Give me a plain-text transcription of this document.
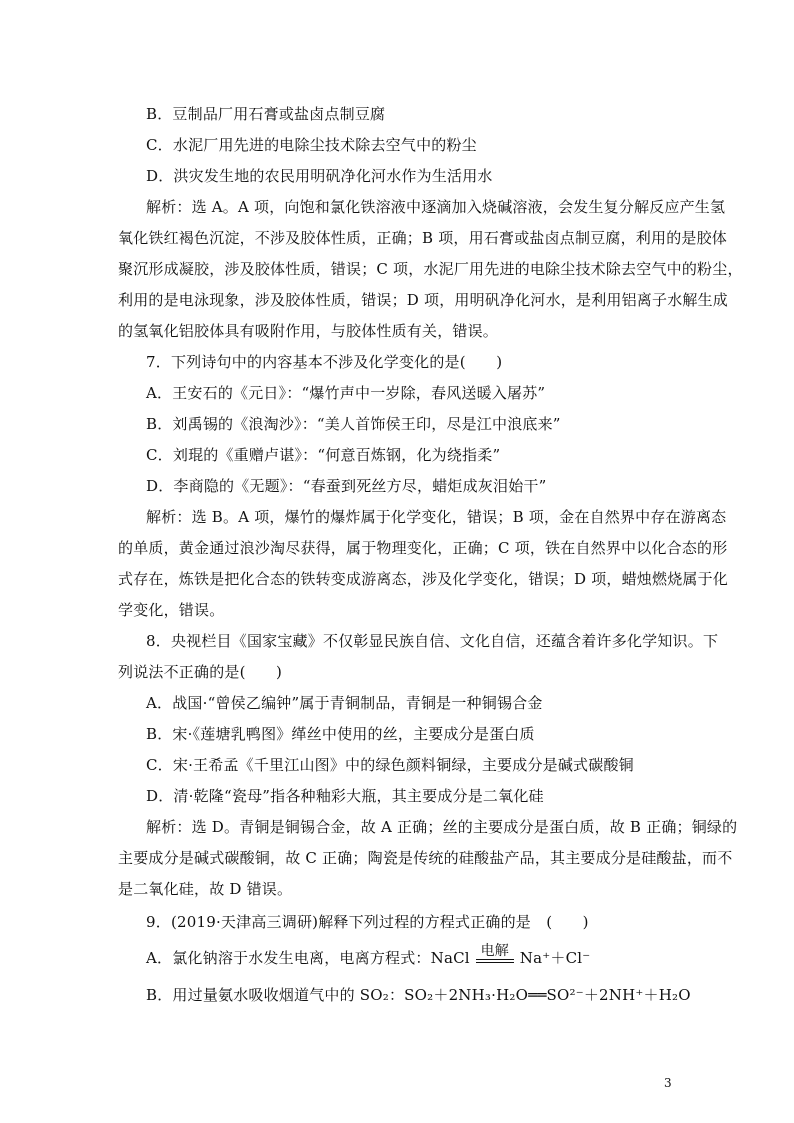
B．豆制品厂用石膏或盐卤点制豆腐
C．水泥厂用先进的电除尘技术除去空气中的粉尘
D．洪灾发生地的农民用明矾净化河水作为生活用水
解析：选 A。A 项，向饱和氯化铁溶液中逐滴加入烧碱溶液，会发生复分解反应产生氢
氧化铁红褐色沉淀，不涉及胶体性质，正确；B 项，用石膏或盐卤点制豆腐，利用的是胶体
聚沉形成凝胶，涉及胶体性质，错误；C 项，水泥厂用先进的电除尘技术除去空气中的粉尘，
利用的是电泳现象，涉及胶体性质，错误；D 项，用明矾净化河水，是利用铝离子水解生成
的氢氧化铝胶体具有吸附作用，与胶体性质有关，错误。
7．下列诗句中的内容基本不涉及化学变化的是(　　)
A．王安石的《元日》：“爆竹声中一岁除，春风送暖入屠苏”
B．刘禹锡的《浪淘沙》：“美人首饰侯王印，尽是江中浪底来”
C．刘琨的《重赠卢谌》：“何意百炼钢，化为绕指柔”
D．李商隐的《无题》：“春蚕到死丝方尽，蜡炬成灰泪始干”
解析：选 B。A 项，爆竹的爆炸属于化学变化，错误；B 项，金在自然界中存在游离态
的单质，黄金通过浪沙淘尽获得，属于物理变化，正确；C 项，铁在自然界中以化合态的形
式存在，炼铁是把化合态的铁转变成游离态，涉及化学变化，错误；D 项，蜡烛燃烧属于化
学变化，错误。
8．央视栏目《国家宝藏》不仅彰显民族自信、文化自信，还蕴含着许多化学知识。下
列说法不正确的是(　　)
A．战国·“曾侯乙编钟”属于青铜制品，青铜是一种铜锡合金
B．宋·《莲塘乳鸭图》缂丝中使用的丝，主要成分是蛋白质
C．宋·王希孟《千里江山图》中的绿色颜料铜绿，主要成分是碱式碳酸铜
D．清·乾隆“瓷母”指各种釉彩大瓶，其主要成分是二氧化硅
解析：选 D。青铜是铜锡合金，故 A 正确；丝的主要成分是蛋白质，故 B 正确；铜绿的
主要成分是碱式碳酸铜，故 C 正确；陶瓷是传统的硅酸盐产品，其主要成分是硅酸盐，而不
是二氧化硅，故 D 错误。
9．(2019·天津高三调研)解释下列过程的方程式正确的是　(　　)
A．氯化钠溶于水发生电离，电离方程式：NaCl 电解 Na⁺＋Cl⁻
B．用过量氨水吸收烟道气中的 SO₂：SO₂＋2NH₃·H₂O══SO²⁻＋2NH⁺＋H₂O
3
